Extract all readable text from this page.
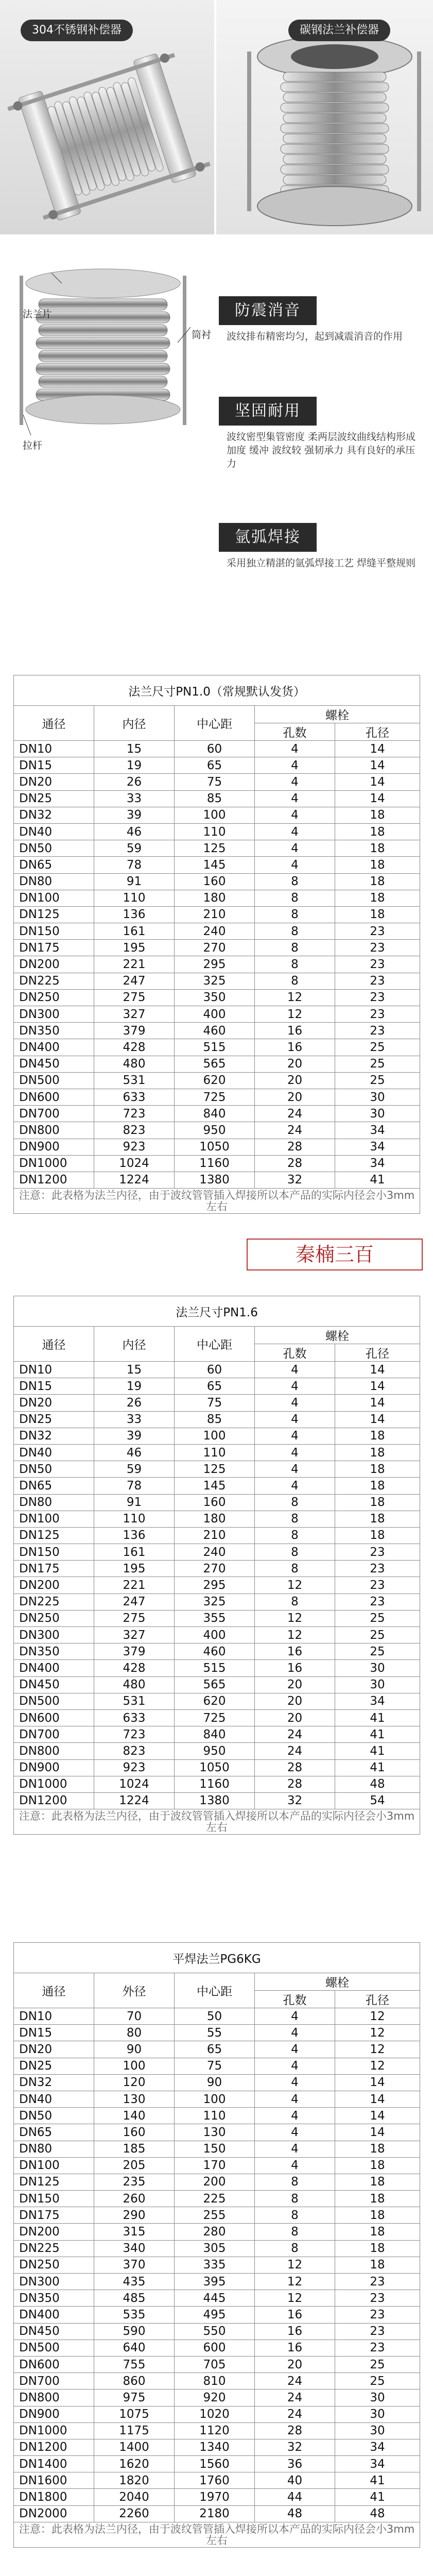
304不锈钢补偿器	碳钢法兰补偿器
法兰片
筒衬
拉杆
防震消音
波纹排布精密均匀，起到减震消音的作用
坚固耐用
波纹密型集管密度 柔两层波纹曲线结构形成加度 缓冲 波纹较 强韧承力 具有良好的承压力
氩弧焊接
采用独立精湛的氩弧焊接工艺 焊缝平整规则
法兰尺寸PN1.0（常规默认发货）				
通径	内径	中心距	螺栓	
			孔数	孔径
DN10	15	60	4	14
DN15	19	65	4	14
DN20	26	75	4	14
DN25	33	85	4	14
DN32	39	100	4	18
DN40	46	110	4	18
DN50	59	125	4	18
DN65	78	145	4	18
DN80	91	160	8	18
DN100	110	180	8	18
DN125	136	210	8	18
DN150	161	240	8	23
DN175	195	270	8	23
DN200	221	295	8	23
DN225	247	325	8	23
DN250	275	350	12	23
DN300	327	400	12	23
DN350	379	460	16	23
DN400	428	515	16	25
DN450	480	565	20	25
DN500	531	620	20	25
DN600	633	725	20	30
DN700	723	840	24	30
DN800	823	950	24	34
DN900	923	1050	28	34
DN1000	1024	1160	28	34
DN1200	1224	1380	32	41
注意：此表格为法兰内径，由于波纹管管插入焊接所以本产品的实际内径会小3mm左右				
法兰尺寸PN1.6				
通径	内径	中心距	螺栓	
			孔数	孔径
DN10	15	60	4	14
DN15	19	65	4	14
DN20	26	75	4	14
DN25	33	85	4	14
DN32	39	100	4	18
DN40	46	110	4	18
DN50	59	125	4	18
DN65	78	145	4	18
DN80	91	160	8	18
DN100	110	180	8	18
DN125	136	210	8	18
DN150	161	240	8	23
DN175	195	270	8	23
DN200	221	295	12	23
DN225	247	325	8	23
DN250	275	355	12	25
DN300	327	400	12	25
DN350	379	460	16	25
DN400	428	515	16	30
DN450	480	565	20	30
DN500	531	620	20	34
DN600	633	725	20	41
DN700	723	840	24	41
DN800	823	950	24	41
DN900	923	1050	28	41
DN1000	1024	1160	28	48
DN1200	1224	1380	32	54
注意：此表格为法兰内径，由于波纹管管插入焊接所以本产品的实际内径会小3mm左右				
平焊法兰PG6KG				
通径	外径	中心距	螺栓	
			孔数	孔径
DN10	70	50	4	12
DN15	80	55	4	12
DN20	90	65	4	12
DN25	100	75	4	12
DN32	120	90	4	14
DN40	130	100	4	14
DN50	140	110	4	14
DN65	160	130	4	14
DN80	185	150	4	18
DN100	205	170	4	18
DN125	235	200	8	18
DN150	260	225	8	18
DN175	290	255	8	18
DN200	315	280	8	18
DN225	340	305	8	18
DN250	370	335	12	18
DN300	435	395	12	23
DN350	485	445	12	23
DN400	535	495	16	23
DN450	590	550	16	23
DN500	640	600	16	23
DN600	755	705	20	25
DN700	860	810	24	25
DN800	975	920	24	30
DN900	1075	1020	24	30
DN1000	1175	1120	28	30
DN1200	1400	1340	32	34
DN1400	1620	1560	36	34
DN1600	1820	1760	40	41
DN1800	2040	1970	44	41
DN2000	2260	2180	48	48
注意：此表格为法兰内径，由于波纹管管插入焊接所以本产品的实际内径会小3mm左右				
秦楠三百
